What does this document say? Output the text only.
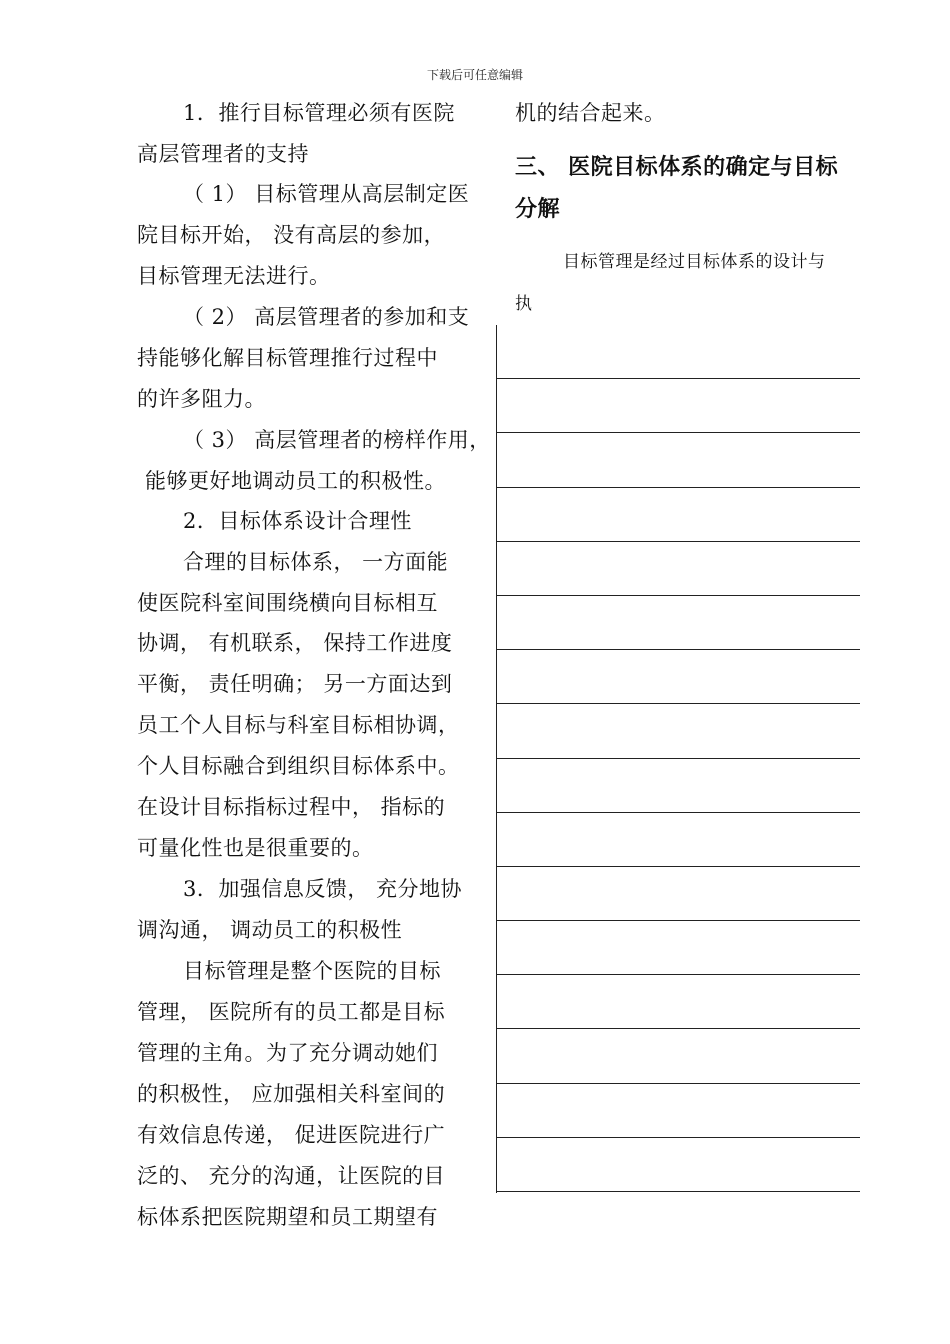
下载后可任意编辑
1．推行目标管理必须有医院
高层管理者的支持
（ 1） 目标管理从高层制定医
院目标开始， 没有高层的参加，
目标管理无法进行。
（ 2） 高层管理者的参加和支
持能够化解目标管理推行过程中
的许多阻力。
（ 3） 高层管理者的榜样作用，
能够更好地调动员工的积极性。
2．目标体系设计合理性
合理的目标体系， 一方面能
使医院科室间围绕横向目标相互
协调， 有机联系， 保持工作进度
平衡， 责任明确； 另一方面达到
员工个人目标与科室目标相协调，
个人目标融合到组织目标体系中。
在设计目标指标过程中， 指标的
可量化性也是很重要的。
3．加强信息反馈， 充分地协
调沟通， 调动员工的积极性
目标管理是整个医院的目标
管理， 医院所有的员工都是目标
管理的主角。为了充分调动她们
的积极性， 应加强相关科室间的
有效信息传递， 促进医院进行广
泛的、 充分的沟通，让医院的目
标体系把医院期望和员工期望有
机的结合起来。
三、 医院目标体系的确定与目标
分解
目标管理是经过目标体系的设计与
执
